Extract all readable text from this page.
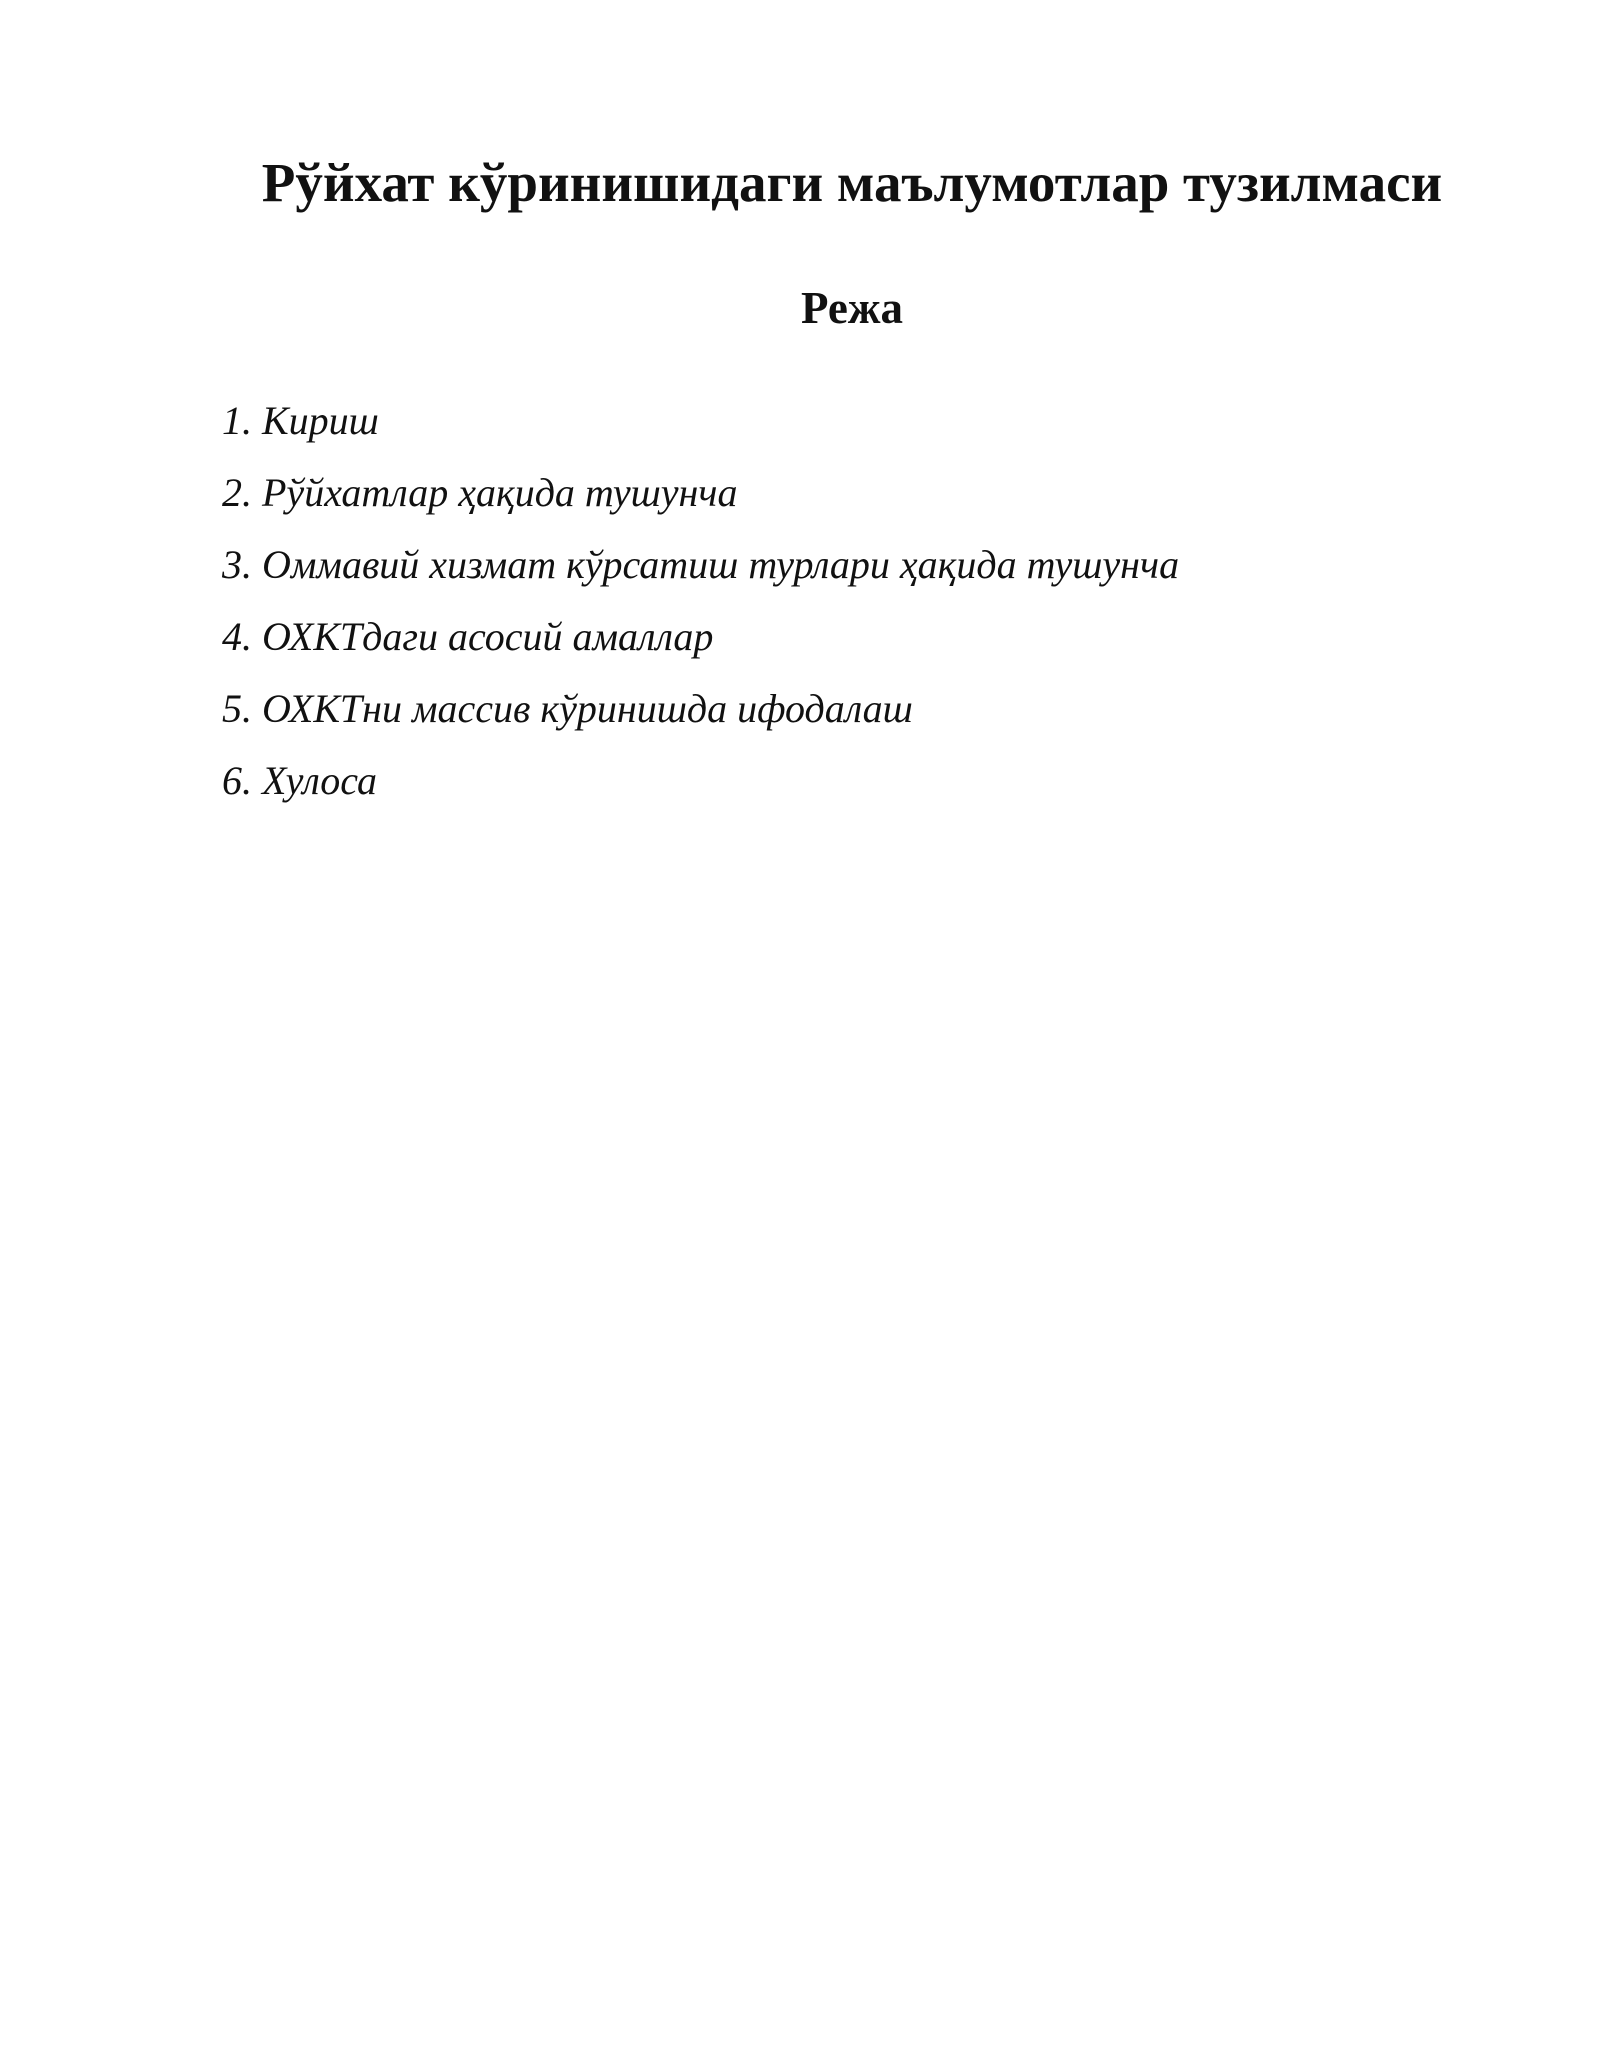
Рўйхат кўринишидаги маълумотлар тузилмаси
Режа
1. Кириш
2. Рўйхатлар ҳақида тушунча
3. Оммавий хизмат кўрсатиш турлари ҳақида тушунча
4. ОХКТдаги асосий амаллар
5. ОХКТни массив кўринишда ифодалаш
6. Хулоса
